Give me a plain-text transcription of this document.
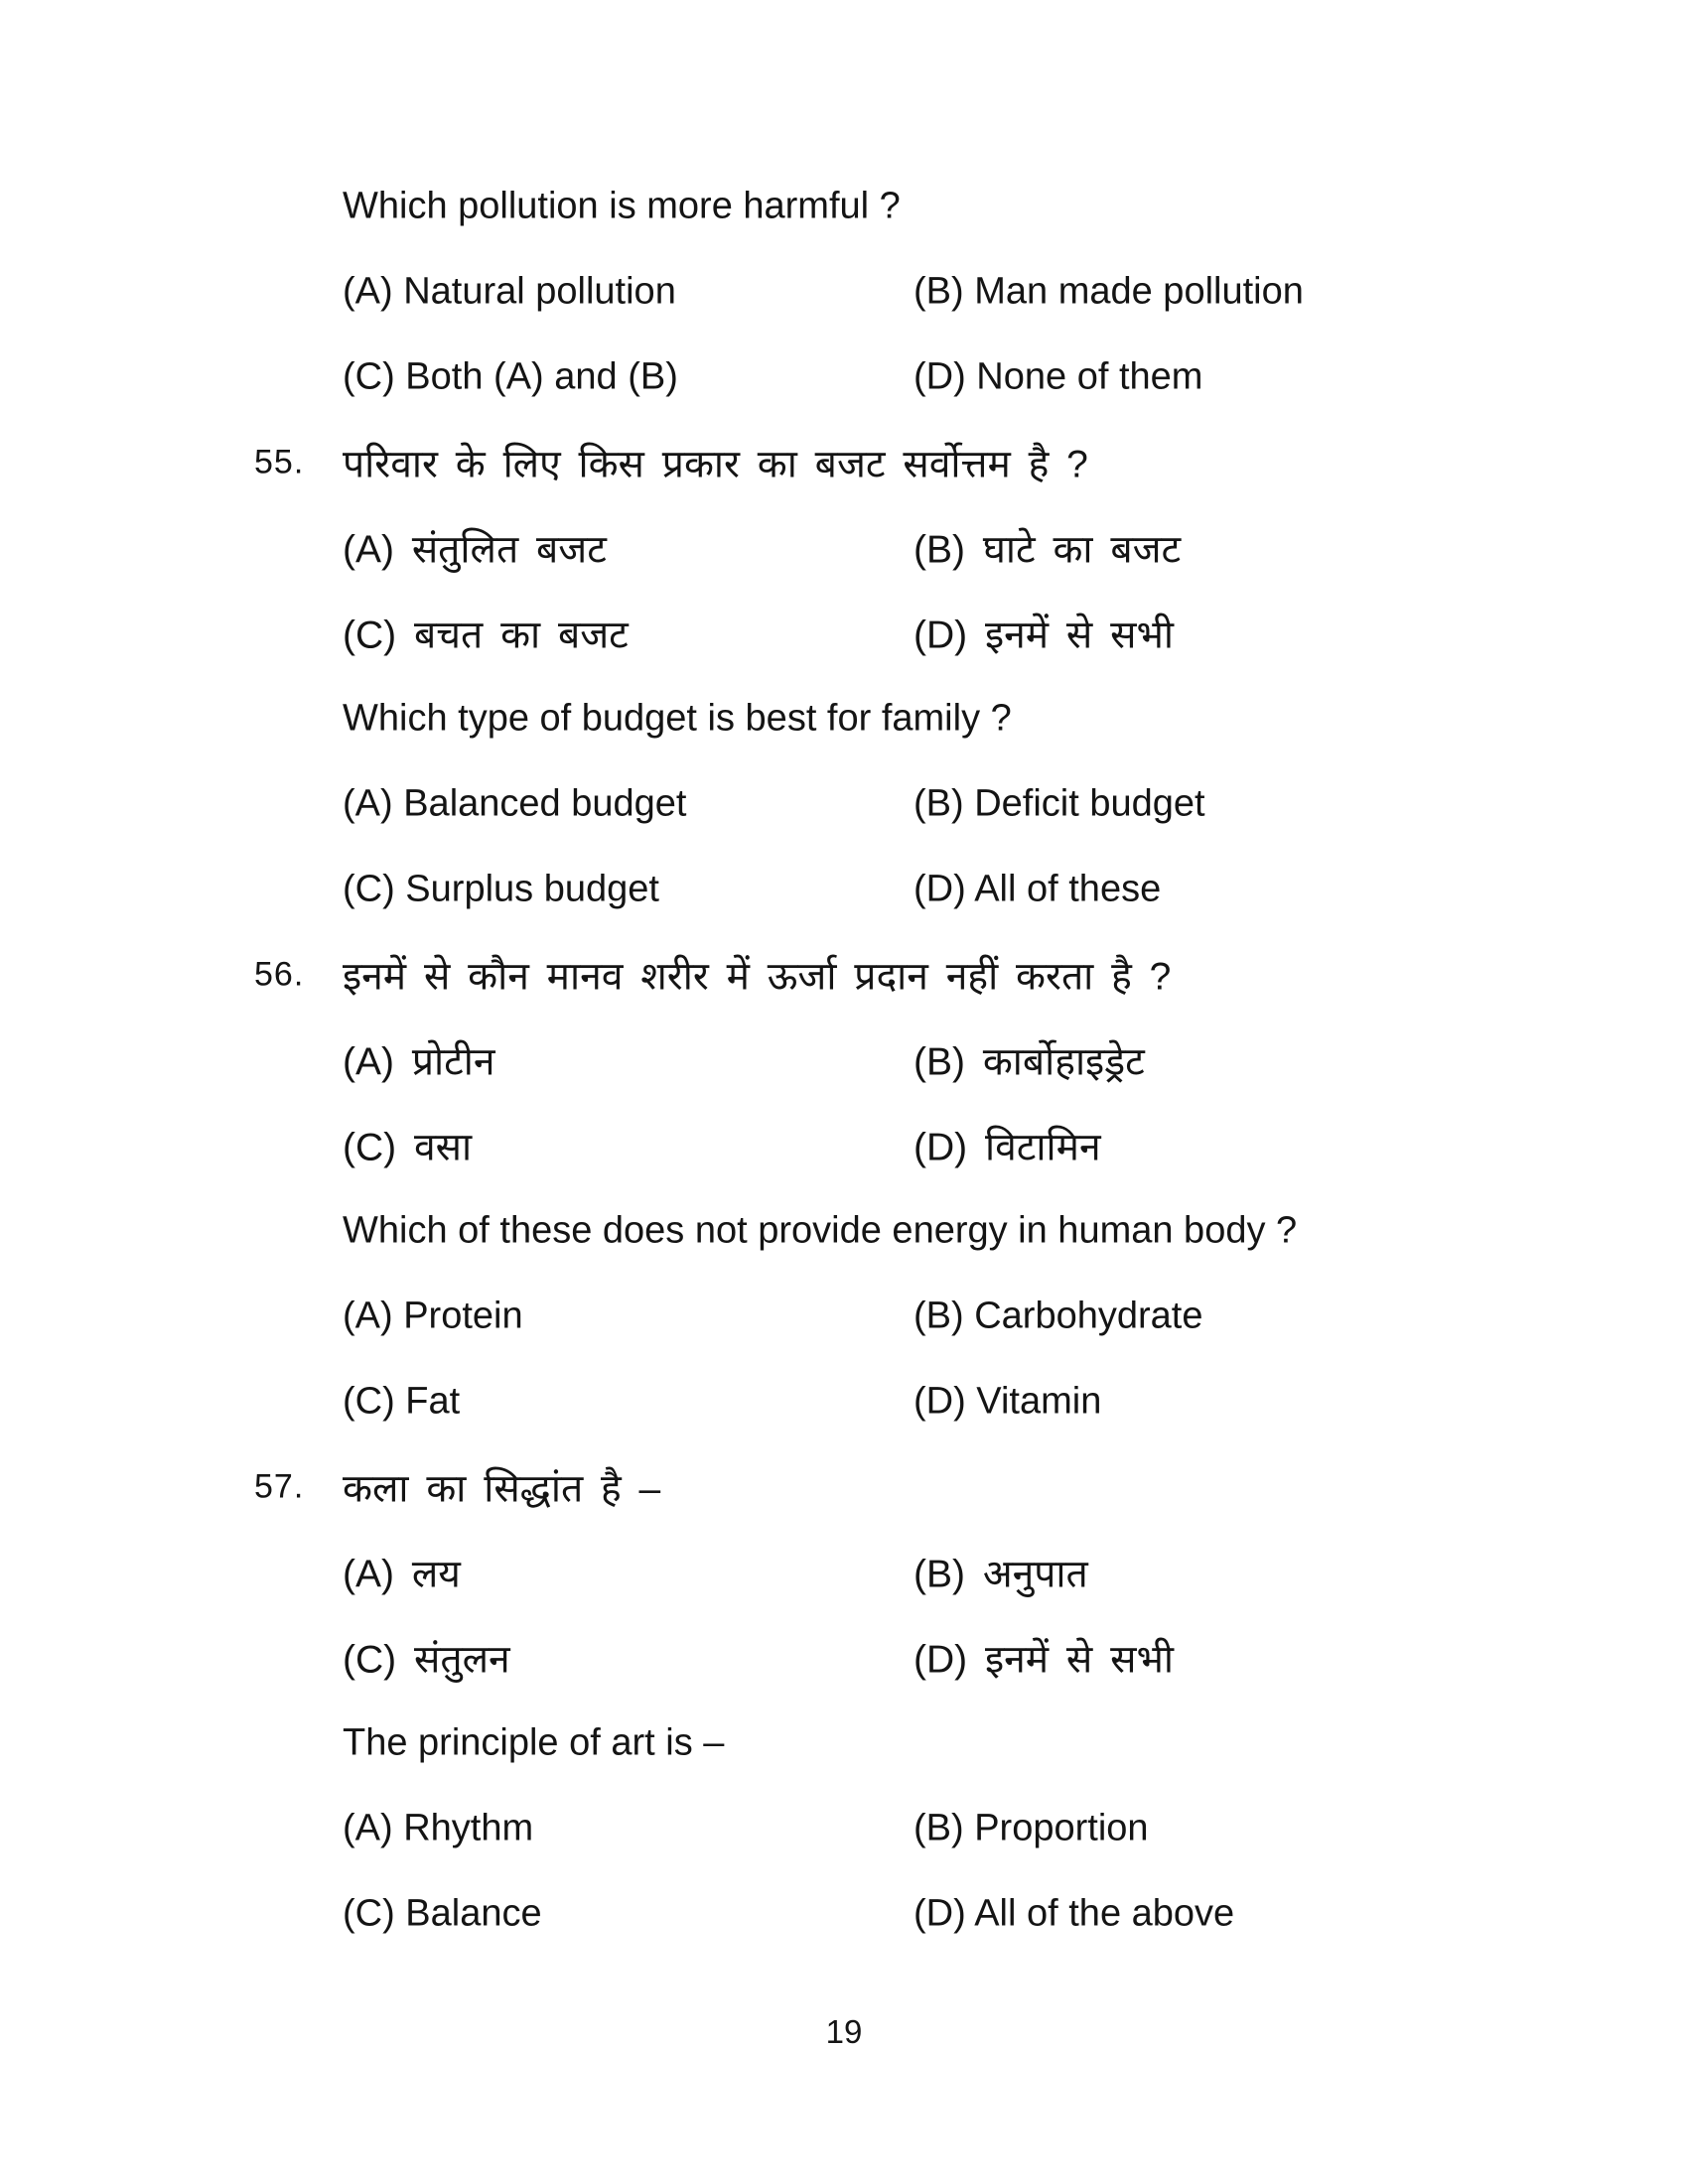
Which pollution is more harmful ?
(A) Natural pollution	(B) Man made pollution
(C) Both (A) and (B)	(D) None of them
55. परिवार के लिए किस प्रकार का बजट सर्वोत्तम है ?
(A) संतुलित बजट	(B) घाटे का बजट
(C) बचत का बजट	(D) इनमें से सभी
Which type of budget is best for family ?
(A) Balanced budget	(B) Deficit budget
(C) Surplus budget	(D) All of these
56. इनमें से कौन मानव शरीर में ऊर्जा प्रदान नहीं करता है ?
(A) प्रोटीन	(B) कार्बोहाइड्रेट
(C) वसा	(D) विटामिन
Which of these does not provide energy in human body ?
(A) Protein	(B) Carbohydrate
(C) Fat	(D) Vitamin
57. कला का सिद्धांत है –
(A) लय	(B) अनुपात
(C) संतुलन	(D) इनमें से सभी
The principle of art is –
(A) Rhythm	(B) Proportion
(C) Balance	(D) All of the above
19
